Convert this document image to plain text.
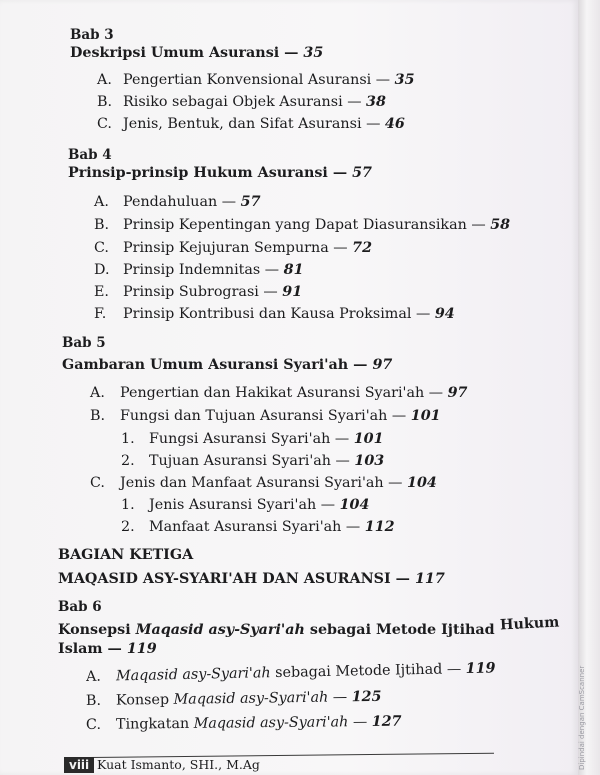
Bab 3
Deskripsi Umum Asuransi — 35
A. Pengertian Konvensional Asuransi — 35
B. Risiko sebagai Objek Asuransi — 38
C. Jenis, Bentuk, dan Sifat Asuransi — 46
Bab 4
Prinsip-prinsip Hukum Asuransi — 57
A. Pendahuluan — 57
B. Prinsip Kepentingan yang Dapat Diasuransikan — 58
C. Prinsip Kejujuran Sempurna — 72
D. Prinsip Indemnitas — 81
E. Prinsip Subrograsi — 91
F. Prinsip Kontribusi dan Kausa Proksimal — 94
Bab 5
Gambaran Umum Asuransi Syari'ah — 97
A. Pengertian dan Hakikat Asuransi Syari'ah — 97
B. Fungsi dan Tujuan Asuransi Syari'ah — 101
1. Fungsi Asuransi Syari'ah — 101
2. Tujuan Asuransi Syari'ah — 103
C. Jenis dan Manfaat Asuransi Syari'ah — 104
1. Jenis Asuransi Syari'ah — 104
2. Manfaat Asuransi Syari'ah — 112
BAGIAN KETIGA
MAQASID ASY-SYARI'AH DAN ASURANSI — 117
Bab 6
Konsepsi Maqasid asy-Syari'ah sebagai Metode Ijtihad Hukum
Islam — 119
A. Maqasid asy-Syari'ah sebagai Metode Ijtihad — 119
B. Konsep Maqasid asy-Syari'ah — 125
C. Tingkatan Maqasid asy-Syari'ah — 127
viii Kuat Ismanto, SHI., M.Ag	Dipindai dengan CamScanner
